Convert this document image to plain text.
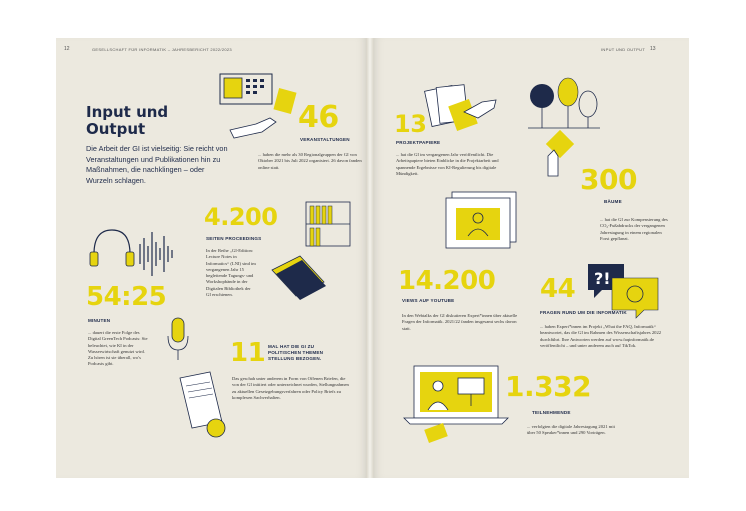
12	GESELLSCHAFT FÜR INFORMATIK – JAHRESBERICHT 2022/2023	INPUT UND OUTPUT 13
Input und Output
Die Arbeit der GI ist vielseitig: Sie reicht von Veranstaltungen und Publikationen hin zu Maßnahmen, die nachklingen – oder Wurzeln schlagen.
46
VERANSTALTUNGEN
... haben die mehr als 30 Regionalgruppen der GI von Oktober 2021 bis Juli 2022 organisiert. 26 davon fanden online statt.
4.200
SEITEN PROCEEDINGS
In der Reihe „GI-Edition: Lecture Notes in Informatics“ (LNI) sind im vergangenen Jahr 15 begleitende Tagungs- und Workshopbände in der Digitalen Bibliothek der GI erschienen.
54:25
MINUTEN
... dauert die erste Folge des Digital GreenTech Podcasts: Sie beleuchtet, wie KI in der Wasserwirtschaft genutzt wird. Zu hören ist sie überall, wo's Podcasts gibt.	11 MAL HAT DIE GI ZU POLITISCHEN THEMEN STELLUNG BEZOGEN.
Das geschah unter anderem in Form von Offenen Briefen, die von der GI initiiert oder unterzeichnet wurden, Stellungnahmen zu aktuellen Gesetzgebungsverfahren oder Policy Briefs zu komplexen Sachverhalten.
13
PROJEKTPAPIERE
... hat die GI im vergangenen Jahr veröffentlicht. Die Arbeitspapiere bieten Einblicke in die Projektarbeit und spannende Ergebnisse von KI-Regulierung bis digitale Mündigkeit.	300
BÄUME
... hat die GI zur Kompensierung des CO₂-Fußabdrucks der vergangenen Jahrestagung in einem regionalen Forst gepflanzt.
14.200
VIEWS AUF YOUTUBE
In den Webtalks der GI diskutieren Expert*innen über aktuelle Fragen der Informatik. 2021/22 fanden insgesamt sechs davon statt.
?!
44
FRAGEN RUND UM DIE INFORMATIK
... haben Expert*innen im Projekt „What the FAQ, Informatik“ beantwortet, das die GI im Rahmen des Wissenschaftsjahres 2022 durchführt. Ihre Antworten werden auf www.faqinformatik.de veröffentlicht – und unter anderem auch auf TikTok.
1.332
TEILNEHMENDE
... verfolgten die digitale Jahrestagung 2021 mit über 50 Speaker*innen und 290 Vorträgen.
